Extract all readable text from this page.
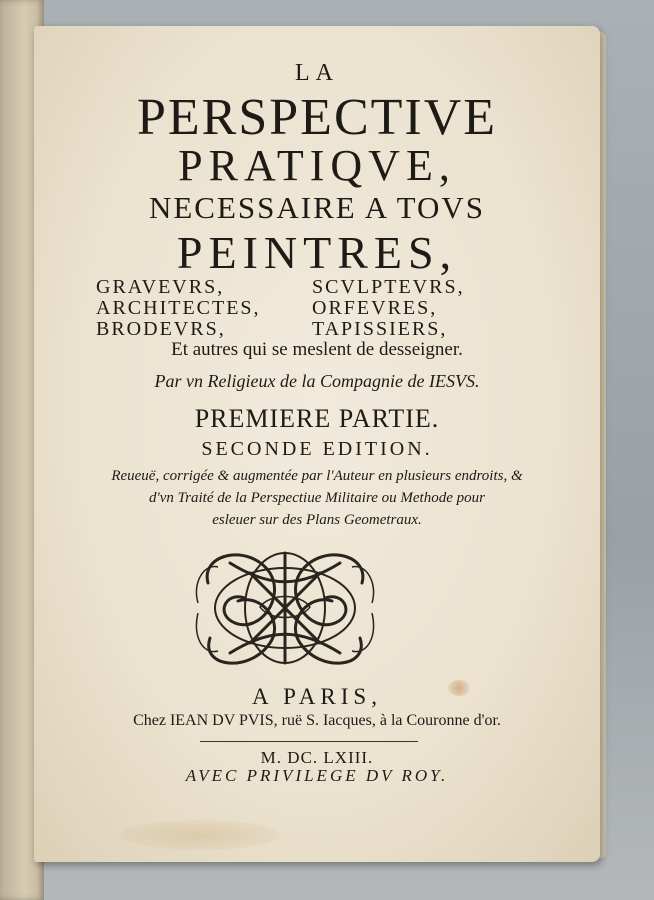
LA
PERSPECTIVE
PRATIQVE,
NECESSAIRE A TOVS
PEINTRES,
GRAVEVRS,	SCVLPTEVRS,
ARCHITECTES,	ORFEVRES,
BRODEVRS,	TAPISSIERS,
Et autres qui se meslent de desseigner.
Par vn Religieux de la Compagnie de IESVS.
PREMIERE PARTIE.
SECONDE EDITION.
Reueuë, corrigée & augmentée par l'Auteur en plusieurs endroits, &
d'vn Traité de la Perspectiue Militaire ou Methode pour
esleuer sur des Plans Geometraux.
A PARIS,
Chez IEAN DV PVIS, ruë S. Iacques, à la Couronne d'or.
M. DC. LXIII.
AVEC PRIVILEGE DV ROY.
